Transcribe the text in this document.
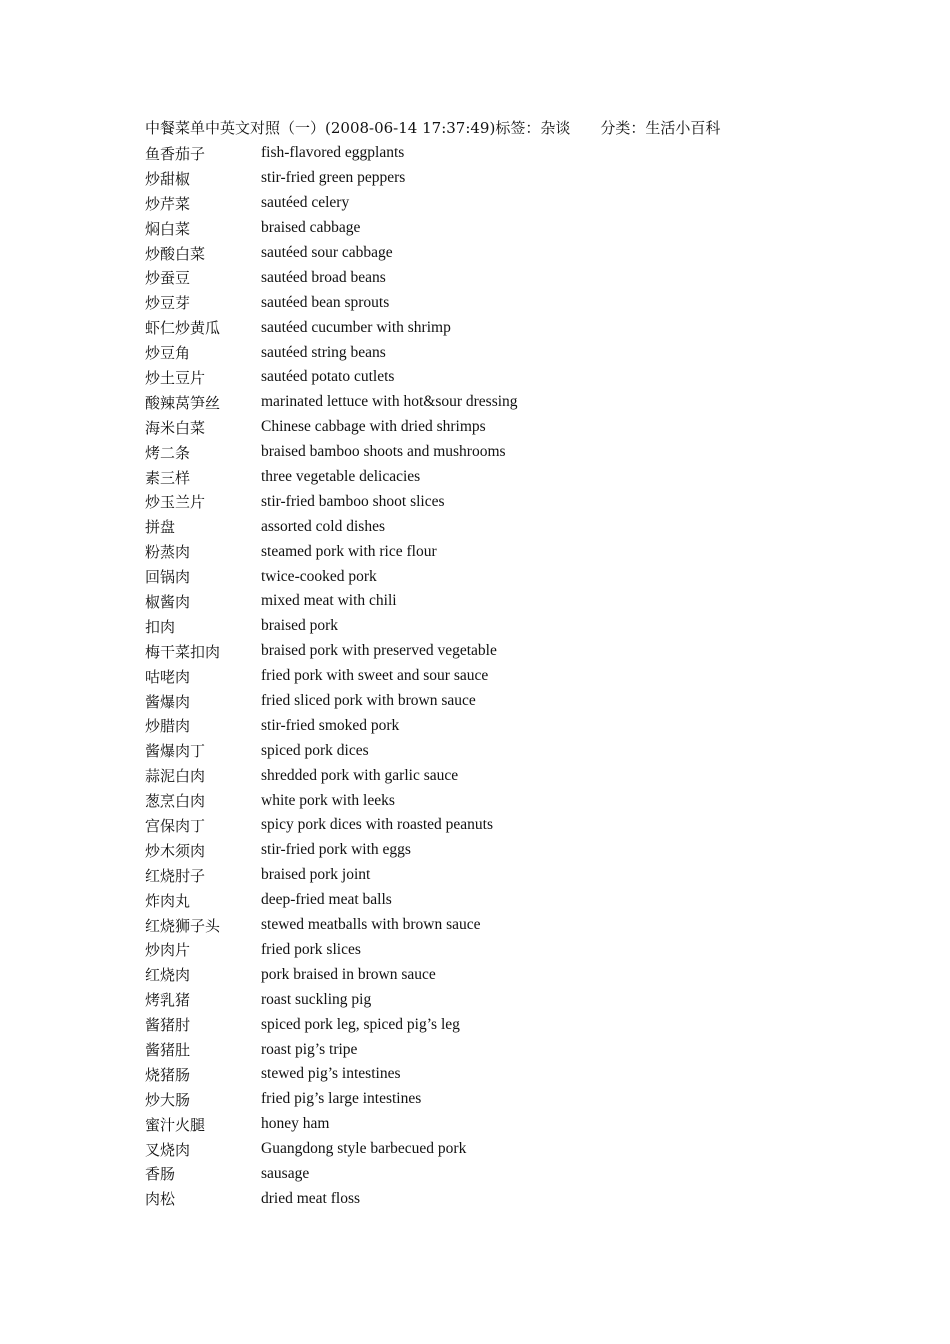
中餐菜单中英文对照（一）(2008-06-14 17:37:49)标签：杂谈　　分类：生活小百科
鱼香茄子	fish-flavored eggplants
炒甜椒	stir-fried green peppers
炒芹菜	sautéed celery
焖白菜	braised cabbage
炒酸白菜	sautéed sour cabbage
炒蚕豆	sautéed broad beans
炒豆芽	sautéed bean sprouts
虾仁炒黄瓜	sautéed cucumber with shrimp
炒豆角	sautéed string beans
炒土豆片	sautéed potato cutlets
酸辣莴笋丝	marinated lettuce with hot&sour dressing
海米白菜	Chinese cabbage with dried shrimps
烤二条	braised bamboo shoots and mushrooms
素三样	three vegetable delicacies
炒玉兰片	stir-fried bamboo shoot slices
拼盘	assorted cold dishes
粉蒸肉	steamed pork with rice flour
回锅肉	twice-cooked pork
椒酱肉	mixed meat with chili
扣肉	braised pork
梅干菜扣肉	braised pork with preserved vegetable
咕咾肉	fried pork with sweet and sour sauce
酱爆肉	fried sliced pork with brown sauce
炒腊肉	stir-fried smoked pork
酱爆肉丁	spiced pork dices
蒜泥白肉	shredded pork with garlic sauce
葱烹白肉	white pork with leeks
宫保肉丁	spicy pork dices with roasted peanuts
炒木须肉	stir-fried pork with eggs
红烧肘子	braised pork joint
炸肉丸	deep-fried meat balls
红烧狮子头	stewed meatballs with brown sauce
炒肉片	fried pork slices
红烧肉	pork braised in brown sauce
烤乳猪	roast suckling pig
酱猪肘	spiced pork leg, spiced pig’s leg
酱猪肚	roast pig’s tripe
烧猪肠	stewed pig’s intestines
炒大肠	fried pig’s large intestines
蜜汁火腿	honey ham
叉烧肉	Guangdong style barbecued pork
香肠	sausage
肉松	dried meat floss
